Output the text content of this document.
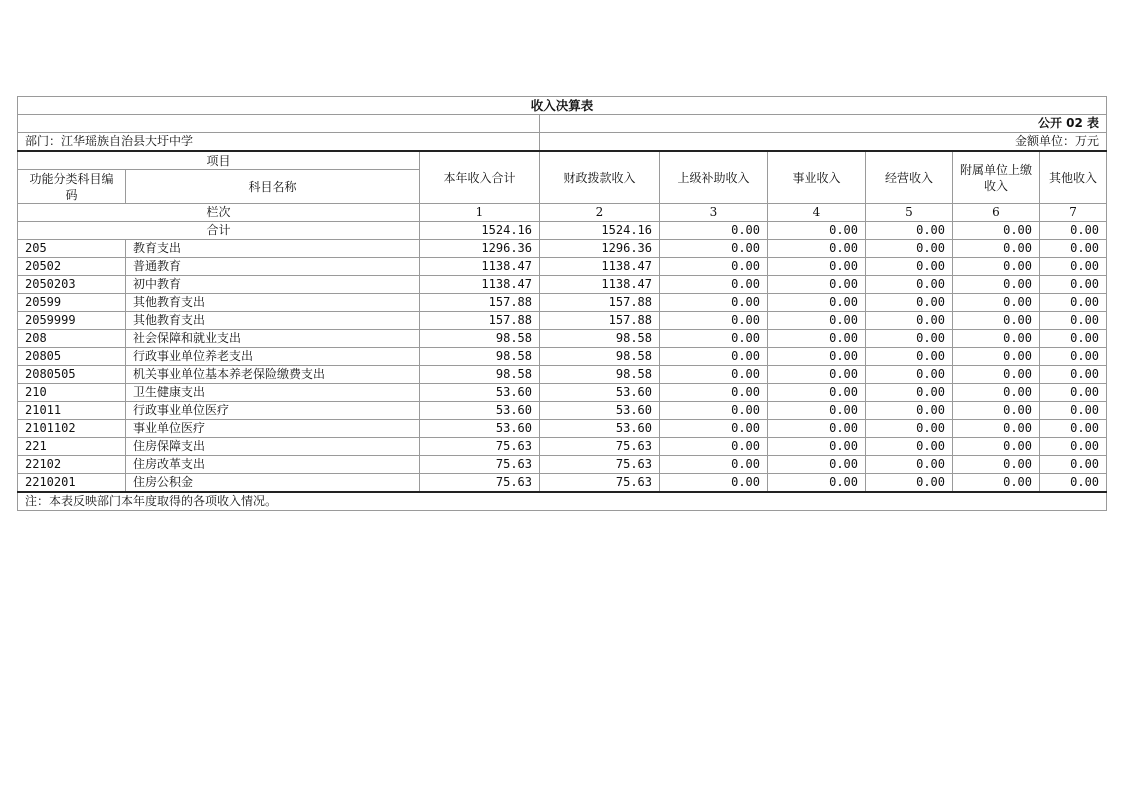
收入决算表								
			公开 02 表					
部门：江华瑶族自治县大圩中学			金额单位：万元					
项目		本年收入合计	财政拨款收入	上级补助收入	事业收入	经营收入	附属单位上缴收入	其他收入
功能分类科目编码	科目名称							
栏次		1	2	3	4	5	6	7
合计		1524.16	1524.16	0.00	0.00	0.00	0.00	0.00
205	教育支出	1296.36	1296.36	0.00	0.00	0.00	0.00	0.00
20502	普通教育	1138.47	1138.47	0.00	0.00	0.00	0.00	0.00
2050203	初中教育	1138.47	1138.47	0.00	0.00	0.00	0.00	0.00
20599	其他教育支出	157.88	157.88	0.00	0.00	0.00	0.00	0.00
2059999	其他教育支出	157.88	157.88	0.00	0.00	0.00	0.00	0.00
208	社会保障和就业支出	98.58	98.58	0.00	0.00	0.00	0.00	0.00
20805	行政事业单位养老支出	98.58	98.58	0.00	0.00	0.00	0.00	0.00
2080505	机关事业单位基本养老保险缴费支出	98.58	98.58	0.00	0.00	0.00	0.00	0.00
210	卫生健康支出	53.60	53.60	0.00	0.00	0.00	0.00	0.00
21011	行政事业单位医疗	53.60	53.60	0.00	0.00	0.00	0.00	0.00
2101102	事业单位医疗	53.60	53.60	0.00	0.00	0.00	0.00	0.00
221	住房保障支出	75.63	75.63	0.00	0.00	0.00	0.00	0.00
22102	住房改革支出	75.63	75.63	0.00	0.00	0.00	0.00	0.00
2210201	住房公积金	75.63	75.63	0.00	0.00	0.00	0.00	0.00
注：本表反映部门本年度取得的各项收入情况。								
